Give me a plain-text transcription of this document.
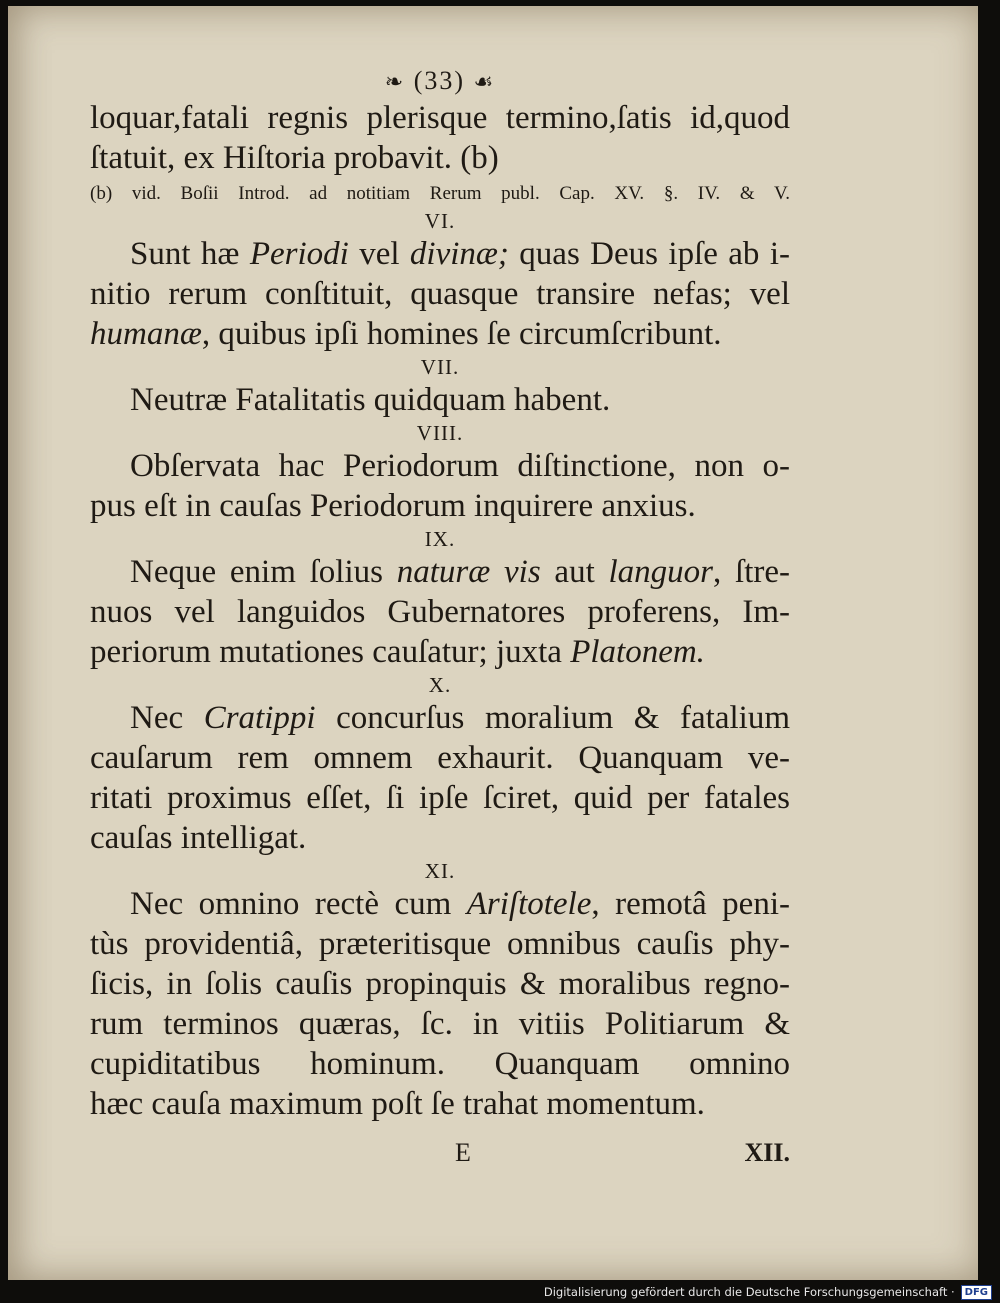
❧ (33) ☙
loquar,fatali regnis plerisque termino,ſatis id,quod
ſtatuit, ex Hiſtoria probavit. (b)
(b) vid. Boſii Introd. ad notitiam Rerum publ. Cap. XV. §. IV. & V.
VI.
Sunt hæ Periodi vel divinæ; quas Deus ipſe ab i-
nitio rerum conſtituit, quasque transire nefas; vel
humanæ, quibus ipſi homines ſe circumſcribunt.
VII.
Neutræ Fatalitatis quidquam habent.
VIII.
Obſervata hac Periodorum diſtinctione, non o-
pus eſt in cauſas Periodorum inquirere anxius.
IX.
Neque enim ſolius naturæ vis aut languor, ſtre-
nuos vel languidos Gubernatores proferens, Im-
periorum mutationes cauſatur; juxta Platonem.
X.
Nec Cratippi concurſus moralium & fatalium
cauſarum rem omnem exhaurit. Quanquam ve-
ritati proximus eſſet, ſi ipſe ſciret, quid per fatales
cauſas intelligat.
XI.
Nec omnino rectè cum Ariſtotele, remotâ peni-
tùs providentiâ, prætеritisque omnibus cauſis phy-
ſicis, in ſolis cauſis propinquis & moralibus regno-
rum terminos quæras, ſc. in vitiis Politiarum &
cupiditatibus hominum. Quanquam omnino
hæc cauſa maximum poſt ſe trahat momentum.
E	XII.
Digitalisierung gefördert durch die Deutsche Forschungsgemeinschaft ·	DFG
